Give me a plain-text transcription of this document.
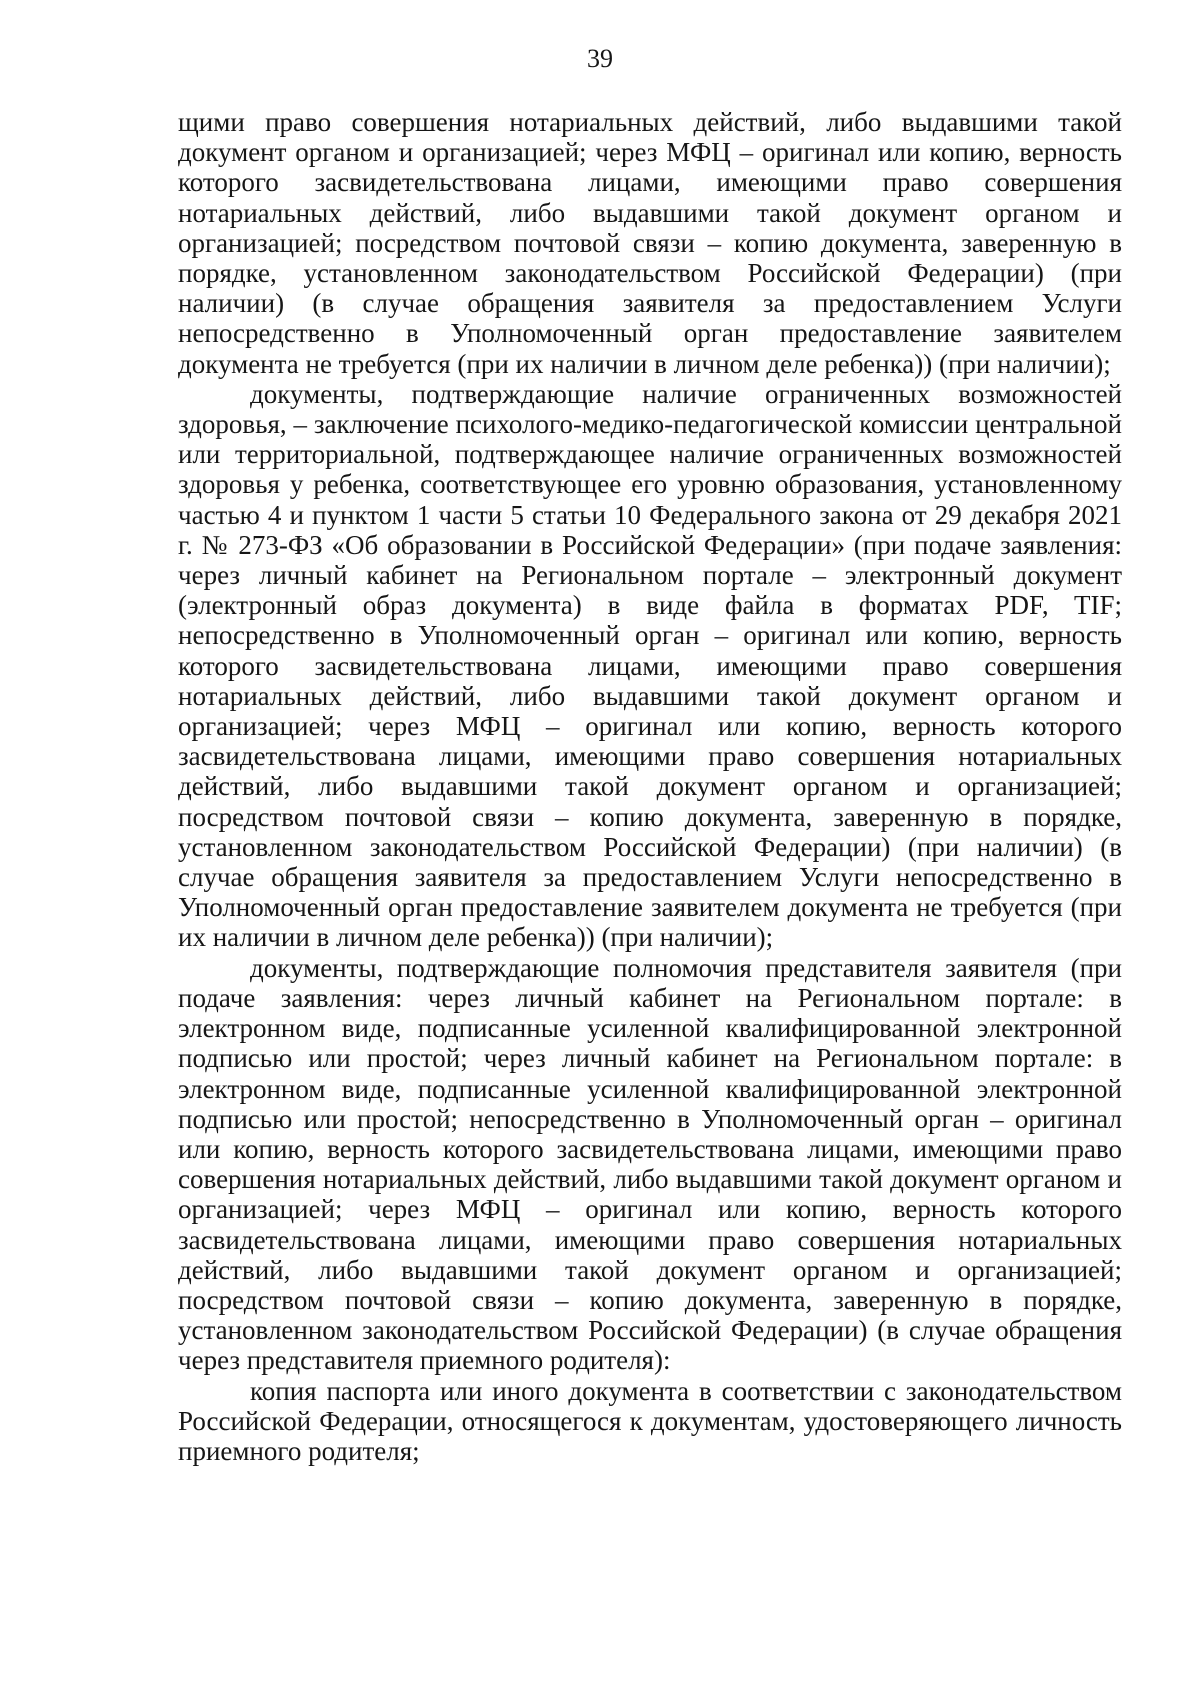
39

щими право совершения нотариальных действий, либо выдавшими такой документ органом и организацией; через МФЦ – оригинал или копию, верность которого засвидетельствована лицами, имеющими право совершения нотариальных действий, либо выдавшими такой документ органом и организацией; посредством почтовой связи – копию документа, заверенную в порядке, установленном законодательством Российской Федерации) (при наличии) (в случае обращения заявителя за предоставлением Услуги непосредственно в Уполномоченный орган предоставление заявителем документа не требуется (при их наличии в личном деле ребенка)) (при наличии);

документы, подтверждающие наличие ограниченных возможностей здоровья, – заключение психолого-медико-педагогической комиссии центральной или территориальной, подтверждающее наличие ограниченных возможностей здоровья у ребенка, соответствующее его уровню образования, установленному частью 4 и пунктом 1 части 5 статьи 10 Федерального закона от 29 декабря 2021 г. № 273-ФЗ «Об образовании в Российской Федерации» (при подаче заявления: через личный кабинет на Региональном портале – электронный документ (электронный образ документа) в виде файла в форматах PDF, TIF; непосредственно в Уполномоченный орган – оригинал или копию, верность которого засвидетельствована лицами, имеющими право совершения нотариальных действий, либо выдавшими такой документ органом и организацией; через МФЦ – оригинал или копию, верность которого засвидетельствована лицами, имеющими право совершения нотариальных действий, либо выдавшими такой документ органом и организацией; посредством почтовой связи – копию документа, заверенную в порядке, установленном законодательством Российской Федерации) (при наличии) (в случае обращения заявителя за предоставлением Услуги непосредственно в Уполномоченный орган предоставление заявителем документа не требуется (при их наличии в личном деле ребенка)) (при наличии);

документы, подтверждающие полномочия представителя заявителя (при подаче заявления: через личный кабинет на Региональном портале: в электронном виде, подписанные усиленной квалифицированной электронной подписью или простой; через личный кабинет на Региональном портале: в электронном виде, подписанные усиленной квалифицированной электронной подписью или простой; непосредственно в Уполномоченный орган – оригинал или копию, верность которого засвидетельствована лицами, имеющими право совершения нотариальных действий, либо выдавшими такой документ органом и организацией; через МФЦ – оригинал или копию, верность которого засвидетельствована лицами, имеющими право совершения нотариальных действий, либо выдавшими такой документ органом и организацией; посредством почтовой связи – копию документа, заверенную в порядке, установленном законодательством Российской Федерации) (в случае обращения через представителя приемного родителя):

копия паспорта или иного документа в соответствии с законодательством Российской Федерации, относящегося к документам, удостоверяющего личность приемного родителя;
